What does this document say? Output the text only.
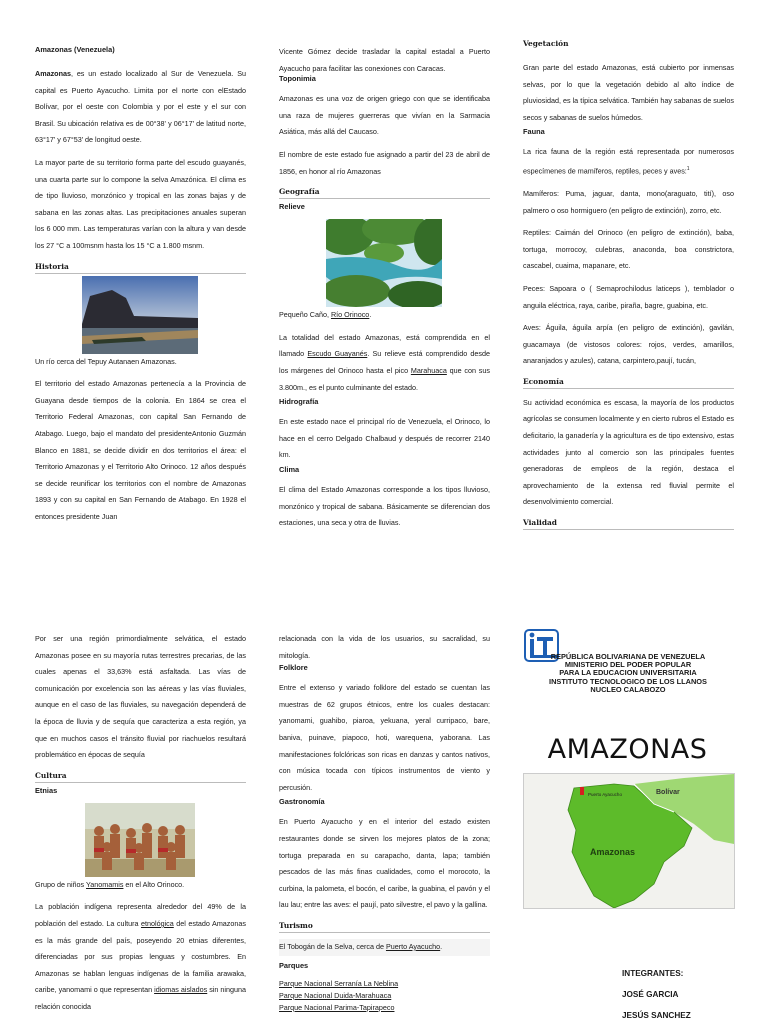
Amazonas (Venezuela)

Amazonas, es un estado localizado al Sur de Venezuela. Su capital es Puerto Ayacucho. Limita por el norte con elEstado Bolívar, por el oeste con Colombia y por el este y el sur con Brasil. Su ubicación relativa es de 00°38' y 06°17' de latitud norte, 63°17' y 67°53' de longitud oeste.

La mayor parte de su territorio forma parte del escudo guayanés, una cuarta parte sur lo compone la selva Amazónica. El clima es de tipo lluvioso, monzónico y tropical en las zonas bajas y de sabana en las zonas altas. Las precipitaciones anuales superan los 6 000 mm. Las temperaturas varían con la altura y van desde los 27 °C a 100msnm hasta los 15 °C a 1.800 msnm.

Historia

Un río cerca del Tepuy Autanaen Amazonas.

El territorio del estado Amazonas pertenecía a la Provincia de Guayana desde tiempos de la colonia. En 1864 se crea el Territorio Federal Amazonas, con capital San Fernando de Atabago. Luego, bajo el mandato del presidenteAntonio Guzmán Blanco en 1881, se decide dividir en dos territorios el área: el Territorio Amazonas y el Territorio Alto Orinoco. 12 años después se decide reunificar los territorios con el nombre de Amazonas 1893 y con su capital en San Fernando de Atabago. En 1928 el entonces presidente Juan

Vicente Gómez decide trasladar la capital estadal a Puerto Ayacucho para facilitar las conexiones con Caracas.

Toponimia

Amazonas es una voz de origen griego con que se identificaba una raza de mujeres guerreras que vivían en la Sarmacia Asiática, más allá del Caucaso.

El nombre de este estado fue asignado a partir del 23 de abril de 1856, en honor al río Amazonas

Geografía

Relieve

Pequeño Caño, Río Orinoco.

La totalidad del estado Amazonas, está comprendida en el llamado Escudo Guayanés. Su relieve está comprendido desde los márgenes del Orinoco hasta el pico Marahuaca que con sus 3.800m., es el punto culminante del estado.

Hidrografía

En este estado nace el principal río de Venezuela, el Orinoco, lo hace en el cerro Delgado Chalbaud y después de recorrer 2140 km.

Clima

El clima del Estado Amazonas corresponde a los tipos lluvioso, monzónico y tropical de sabana. Básicamente se diferencian dos estaciones, una seca y otra de lluvias.

Vegetación

Gran parte del estado Amazonas, está cubierto por inmensas selvas, por lo que la vegetación debido al alto índice de pluviosidad, es la típica selvática. También hay sabanas de suelos secos y sabanas de suelos húmedos.

Fauna

La rica fauna de la región está representada por numerosos especímenes de mamíferos, reptiles, peces y aves:$^1$

Mamíferos: Puma, jaguar, danta, mono(araguato, tití), oso palmero o oso hormiguero (en peligro de extinción), zorro, etc.

Reptiles: Caimán del Orinoco (en peligro de extinción), baba, tortuga, morrocoy, culebras, anaconda, boa constrictora, cascabel, cuaima, mapanare, etc.

Peces: Sapoara o ( Semaprochilodus laticeps ), temblador o anguila eléctrica, raya, caribe, piraña, bagre, guabina, etc.

Aves: Águila, águila arpía (en peligro de extinción), gavilán, guacamaya (de vistosos colores: rojos, verdes, amarillos, anaranjados y azules), catana, carpintero,paují, tucán,

Economía

Su actividad económica es escasa, la mayoría de los productos agrícolas se consumen localmente y en cierto rubros el Estado es deficitario, la ganadería y la agricultura es de tipo extensivo, estas actividades junto al comercio son las principales fuentes generadoras de empleos de la región, destaca el aprovechamiento de la extensa red fluvial permite el desenvolvimiento comercial.

Vialidad

Por ser una región primordialmente selvática, el estado Amazonas posee en su mayoría rutas terrestres precarias, de las cuales apenas el 33,63% está asfaltada. Las vías de comunicación por excelencia son las aéreas y las vías fluviales, aunque en el caso de las fluviales, su navegación dependerá de la época de lluvia y de sequía que caracteriza a esta región, ya que en muchos casos el tránsito fluvial por riachuelos resultará problemático en épocas de sequía

Cultura

Etnias

Grupo de niños Yanomamis en el Alto Orinoco.

La población indígena representa alrededor del 49% de la población del estado. La cultura etnológica del estado Amazonas es la más grande del país, poseyendo 20 etnias diferentes, diferenciadas por sus propias lenguas y costumbres. En Amazonas se hablan lenguas indígenas de la familia arawaka, caribe, yanomami o que representan idiomas aislados sin ninguna relación conocida

relacionada con la vida de los usuarios, su sacralidad, su mitología.

Folklore

Entre el extenso y variado folklore del estado se cuentan las muestras de 62 grupos étnicos, entre los cuales destacan: yanomami, guahibo, piaroa, yekuana, yeral curripaco, bare, baniva, puinave, piapoco, hoti, warequena, yaborana. Las manifestaciones folclóricas son ricas en danzas y cantos nativos, con música tocada con típicos instrumentos de viento y percusión.

Gastronomía

En Puerto Ayacucho y en el interior del estado existen restaurantes donde se sirven los mejores platos de la zona; tortuga preparada en su carapacho, danta, lapa; también pescados de las más finas cualidades, como el morocoto, la curbina, la palometa, el bocón, el caribe, la guabina, el pavón y el lau lau; entre las aves: el paují, pato silvestre, el pavo y la gallina.

Turismo

El Tobogán de la Selva, cerca de Puerto Ayacucho.

Parques

Parque Nacional Serranía La Neblina
Parque Nacional Duida-Marahuaca
Parque Nacional Parima-Tapirapeco
REPÚBLICA BOLIVARIANA DE VENEZUELA
MINISTERIO DEL PODER POPULAR
PARA LA EDUCACION UNIVERSITARIA
INSTITUTO TECNOLOGICO DE LOS LLANOS
NUCLEO CALABOZO
AMAZONAS
Puerto Ayacucho	Bolívar
Amazonas
INTEGRANTES:
JOSÉ GARCIA
JESÚS SANCHEZ
